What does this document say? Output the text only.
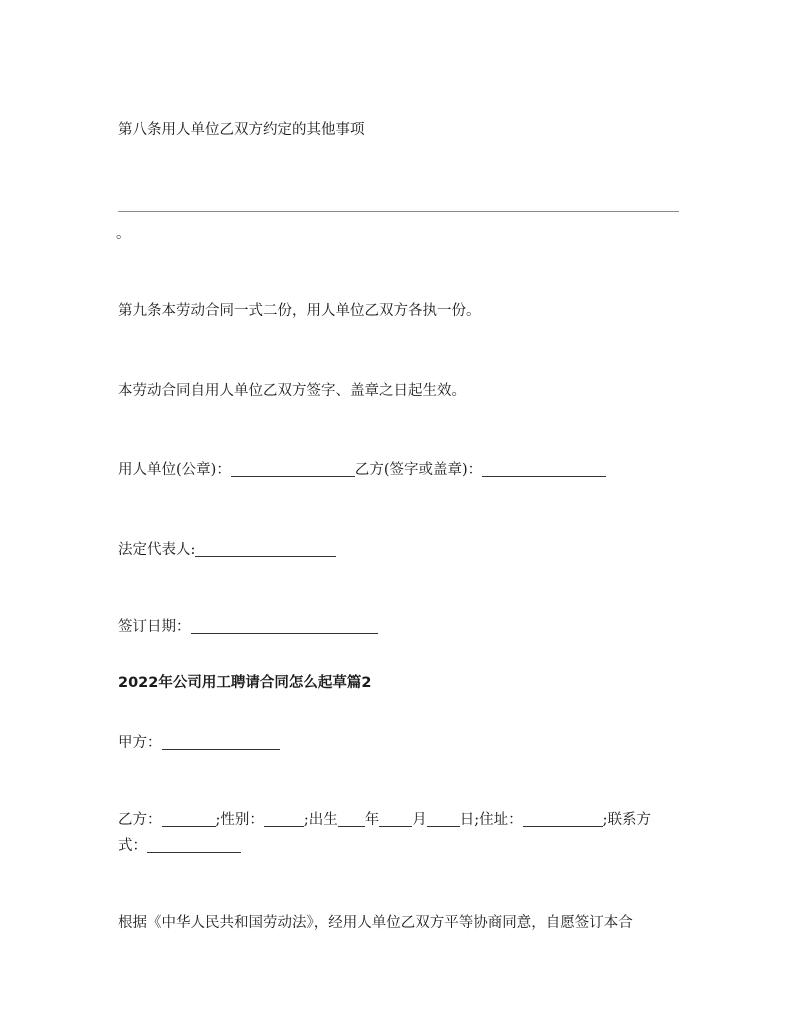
第八条用人单位乙双方约定的其他事项
。
第九条本劳动合同一式二份，用人单位乙双方各执一份。
本劳动合同自用人单位乙双方签字、盖章之日起生效。
用人单位(公章)：	乙方(签字或盖章)：
法定代表人:
签订日期：
2022年公司用工聘请合同怎么起草篇2
甲方：
乙方：	;性别：	;出生 年 月 日;住址：	;联系方
式：
根据《中华人民共和国劳动法》，经用人单位乙双方平等协商同意，自愿签订本合
